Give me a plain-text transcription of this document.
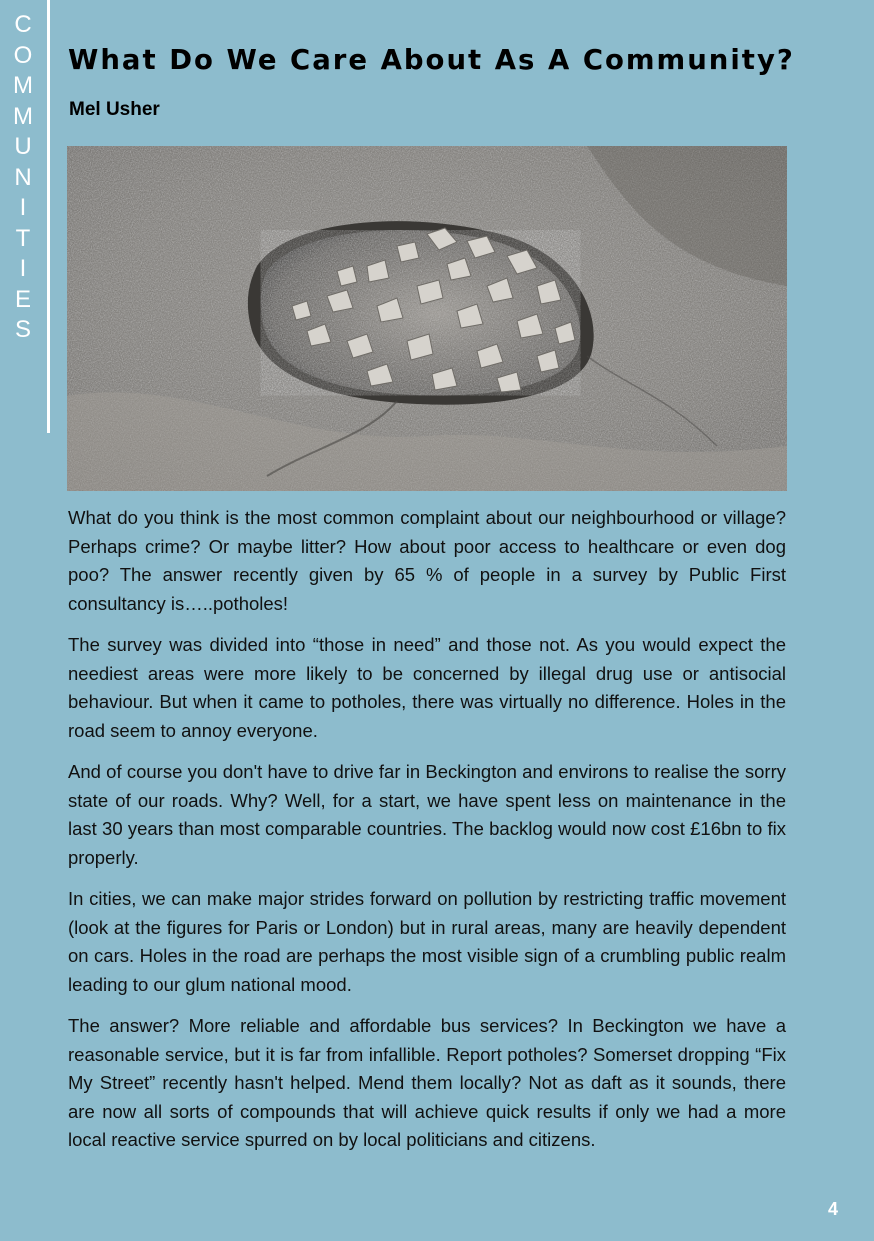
C
O
M
M
U
N
I
T
I
E
S
What Do We Care About As A Community?
Mel Usher

What do you think is the most common complaint about our neighbourhood or village? Perhaps crime? Or maybe litter? How about poor access to healthcare or even dog poo? The answer recently given by 65 % of people in a survey by Public First consultancy is…..potholes!

The survey was divided into “those in need” and those not. As you would expect the neediest areas were more likely to be concerned by illegal drug use or antisocial behaviour. But when it came to potholes, there was virtually no difference. Holes in the road seem to annoy everyone.

And of course you don't have to drive far in Beckington and environs to realise the sorry state of our roads. Why? Well, for a start, we have spent less on maintenance in the last 30 years than most comparable countries. The backlog would now cost £16bn to fix properly.

In cities, we can make major strides forward on pollution by restricting traffic movement (look at the figures for Paris or London) but in rural areas, many are heavily dependent on cars. Holes in the road are perhaps the most visible sign of a crumbling public realm leading to our glum national mood.

The answer? More reliable and affordable bus services? In Beckington we have a reasonable service, but it is far from infallible. Report potholes? Somerset dropping “Fix My Street” recently hasn't helped. Mend them locally? Not as daft as it sounds, there are now all sorts of compounds that will achieve quick results if only we had a more local reactive service spurred on by local politicians and citizens.

4
